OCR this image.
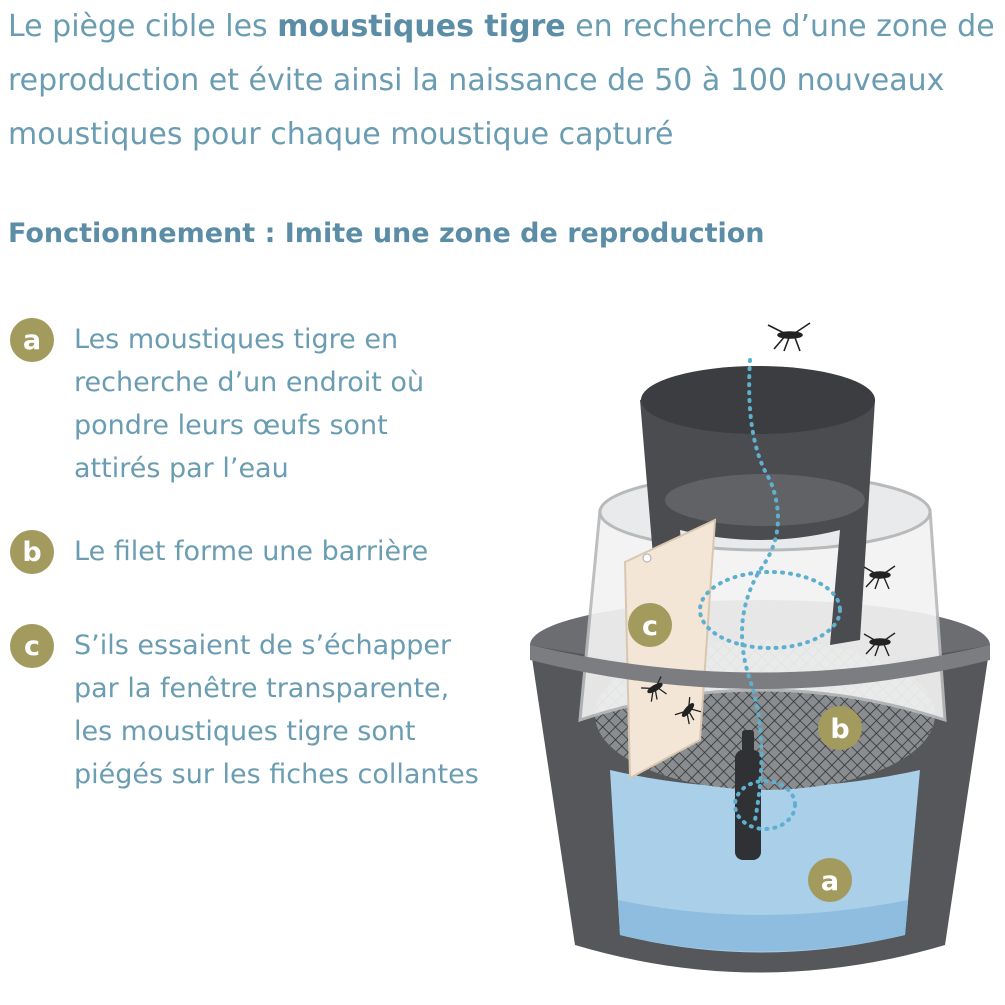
Le piège cible les moustiques tigre en recherche d’une zone de reproduction et évite ainsi la naissance de 50 à 100 nouveaux moustiques pour chaque moustique capturé

Fonctionnement : Imite une zone de reproduction
a	Les moustiques tigre en
recherche d’un endroit où
pondre leurs œufs sont
attirés par l’eau
b	Le filet forme une barrière
c	S’ils essaient de s’échapper
par la fenêtre transparente,
les moustiques tigre sont
piégés sur les fiches collantes
c
b
a
